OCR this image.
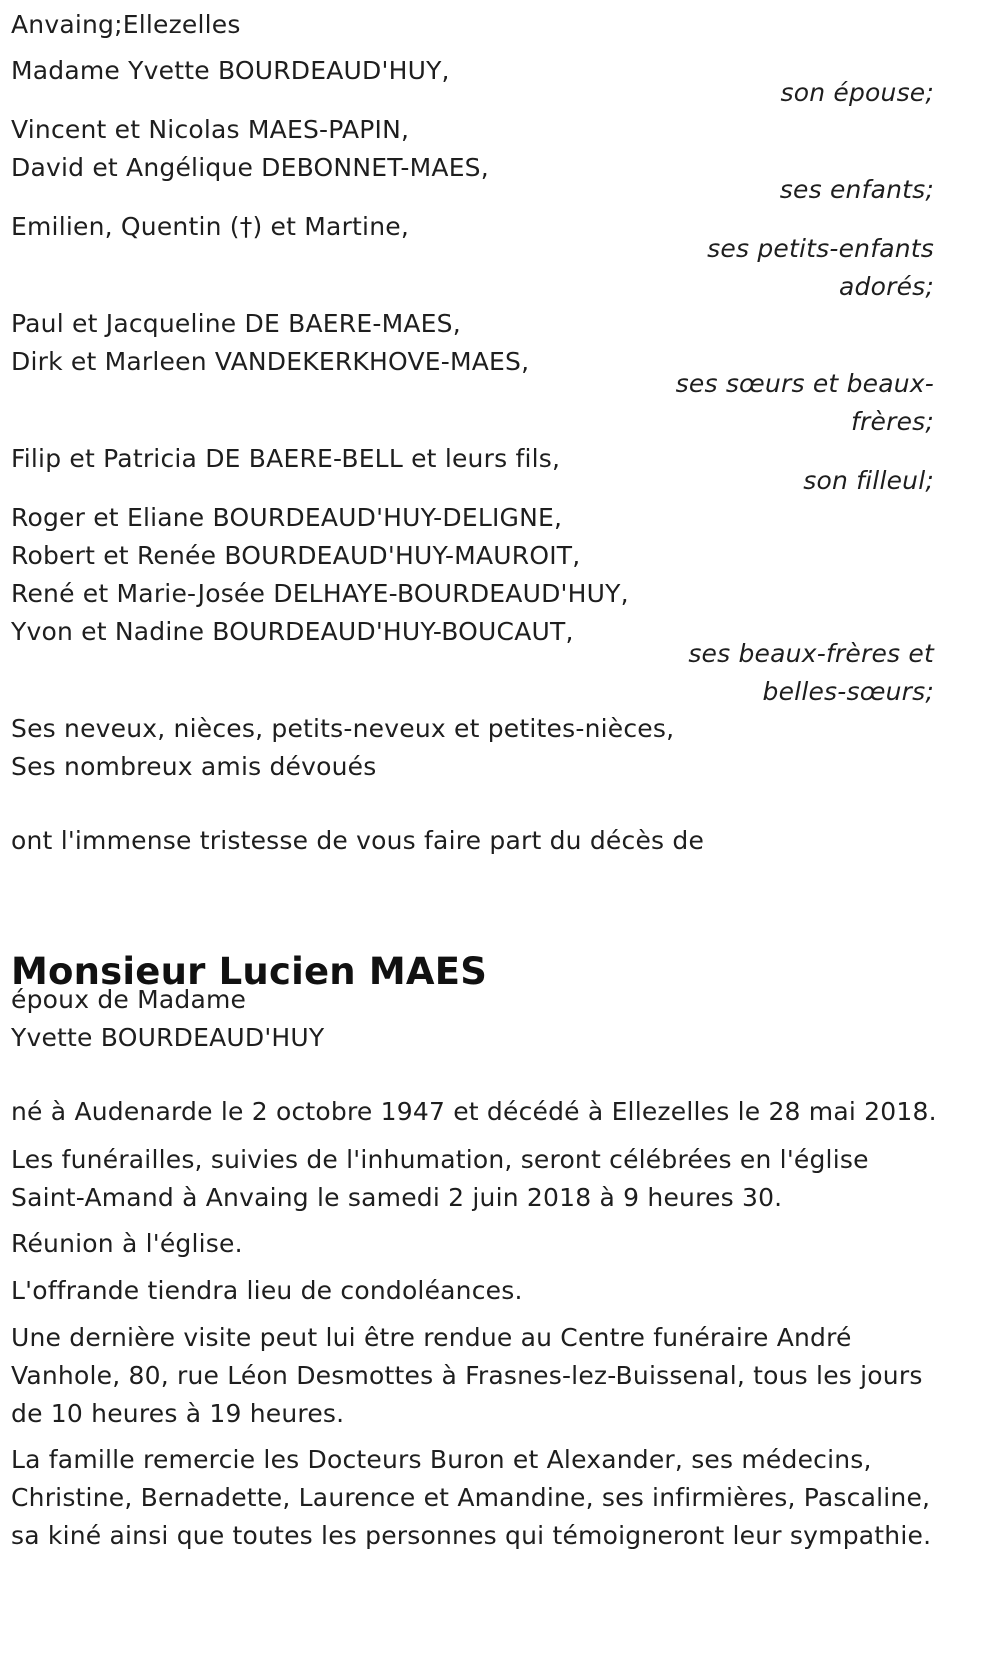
Anvaing;Ellezelles
Madame Yvette BOURDEAUD'HUY,
son épouse;
Vincent et Nicolas MAES-PAPIN,
David et Angélique DEBONNET-MAES,
ses enfants;
Emilien, Quentin (†) et Martine,
ses petits-enfants
adorés;
Paul et Jacqueline DE BAERE-MAES,
Dirk et Marleen VANDEKERKHOVE-MAES,
ses sœurs et beaux-
frères;
Filip et Patricia DE BAERE-BELL et leurs fils,
son filleul;
Roger et Eliane BOURDEAUD'HUY-DELIGNE,
Robert et Renée BOURDEAUD'HUY-MAUROIT,
René et Marie-Josée DELHAYE-BOURDEAUD'HUY,
Yvon et Nadine BOURDEAUD'HUY-BOUCAUT,
ses beaux-frères et
belles-sœurs;
Ses neveux, nièces, petits-neveux et petites-nièces,
Ses nombreux amis dévoués
ont l'immense tristesse de vous faire part du décès de
Monsieur Lucien MAES
époux de Madame
Yvette BOURDEAUD'HUY
né à Audenarde le 2 octobre 1947 et décédé à Ellezelles le 28 mai 2018.
Les funérailles, suivies de l'inhumation, seront célébrées en l'église
Saint-Amand à Anvaing le samedi 2 juin 2018 à 9 heures 30.
Réunion à l'église.
L'offrande tiendra lieu de condoléances.
Une dernière visite peut lui être rendue au Centre funéraire André
Vanhole, 80, rue Léon Desmottes à Frasnes-lez-Buissenal, tous les jours
de 10 heures à 19 heures.
La famille remercie les Docteurs Buron et Alexander, ses médecins,
Christine, Bernadette, Laurence et Amandine, ses infirmières, Pascaline,
sa kiné ainsi que toutes les personnes qui témoigneront leur sympathie.
